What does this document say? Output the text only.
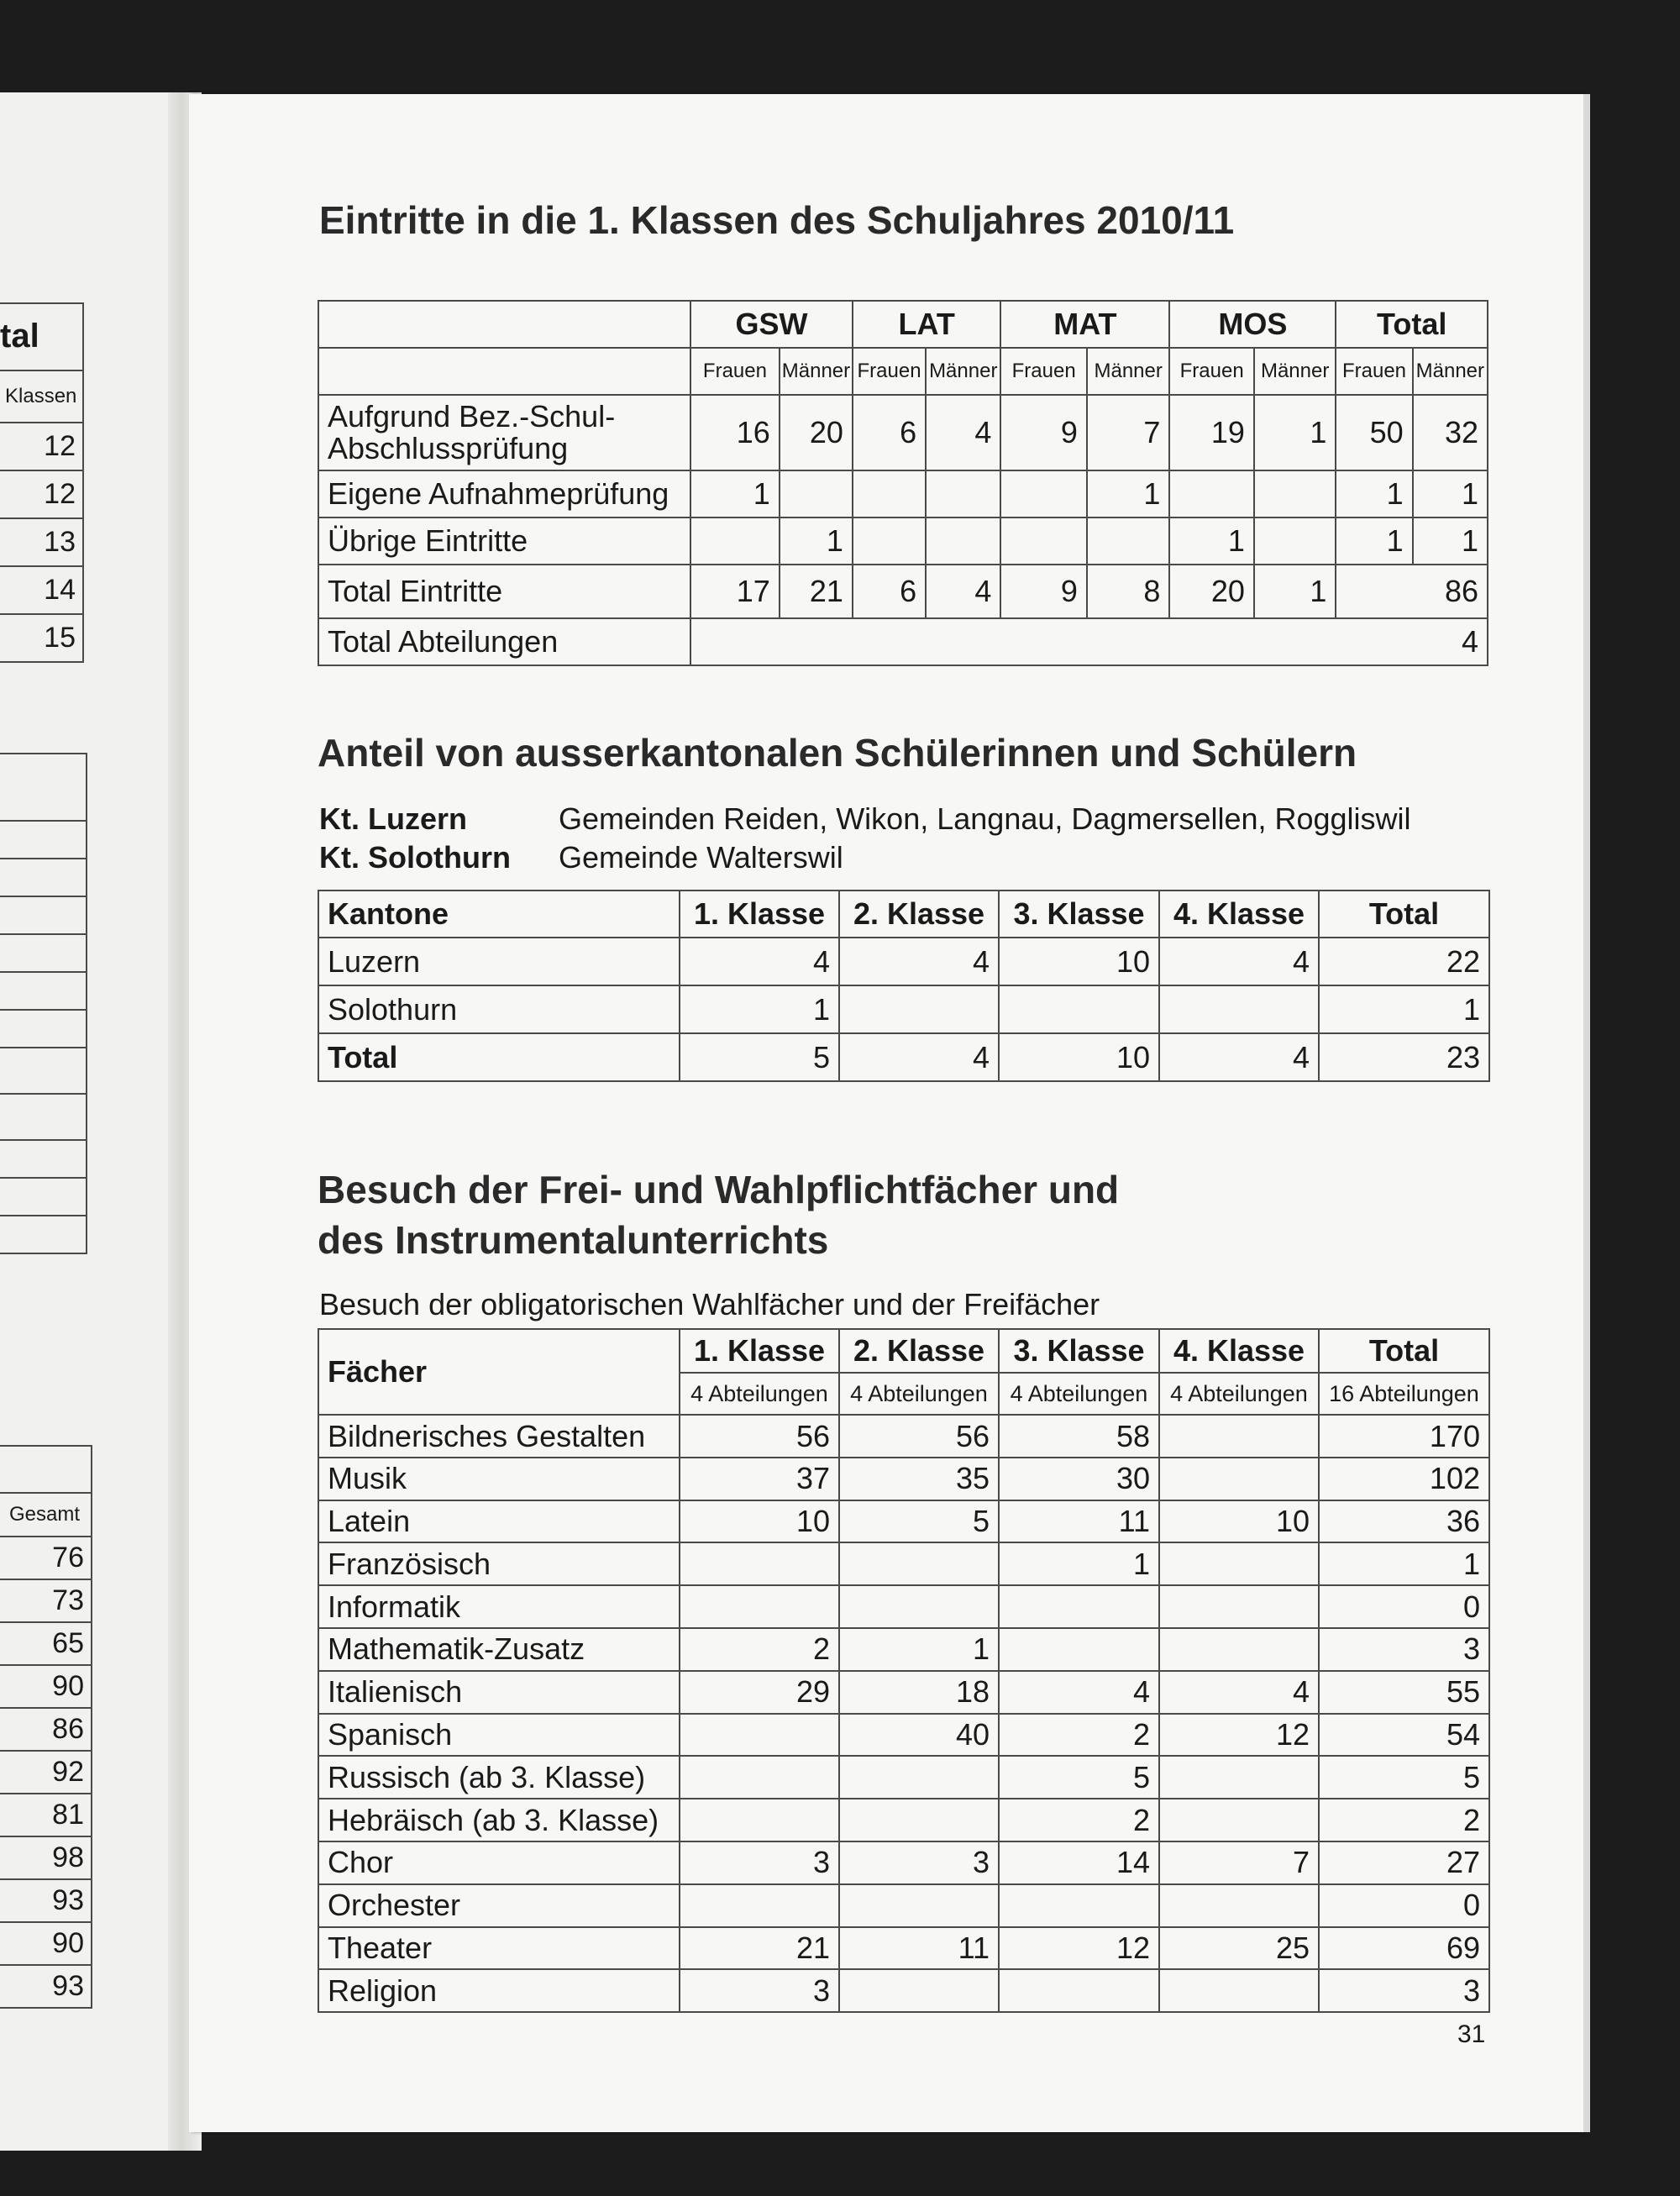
tal

Klassen
12
12
13
14
15

Gesamt
76
73
65
90
86
92
81
98
93
90
93
Eintritte in die 1. Klassen des Schuljahres 2010/11
	GSW		LAT		MAT		MOS		Total	
	Frauen	Männer	Frauen	Männer	Frauen	Männer	Frauen	Männer	Frauen	Männer
Aufgrund Bez.-Schul-Abschlussprüfung	16	20	6	4	9	7	19	1	50	32
Eigene Aufnahmeprüfung	1					1			1	1
Übrige Eintritte		1					1		1	1
Total Eintritte	17	21	6	4	9	8	20	1	86	
Total Abteilungen	4									
Anteil von ausserkantonalen Schülerinnen und Schülern
Kt. Luzern	Gemeinden Reiden, Wikon, Langnau, Dagmersellen, Roggliswil
Kt. Solothurn Gemeinde Walterswil
Kantone	1. Klasse	2. Klasse	3. Klasse	4. Klasse	Total
Luzern	4	4	10	4	22
Solothurn	1				1
Total	5	4	10	4	23
Besuch der Frei- und Wahlpflichtfächer und
des Instrumentalunterrichts
Besuch der obligatorischen Wahlfächer und der Freifächer
Fächer	1. Klasse	2. Klasse	3. Klasse	4. Klasse	Total
	4 Abteilungen	4 Abteilungen	4 Abteilungen	4 Abteilungen	16 Abteilungen
Bildnerisches Gestalten	56	56	58		170
Musik	37	35	30		102
Latein	10	5	11	10	36
Französisch			1		1
Informatik					0
Mathematik-Zusatz	2	1			3
Italienisch	29	18	4	4	55
Spanisch		40	2	12	54
Russisch (ab 3. Klasse)			5		5
Hebräisch (ab 3. Klasse)			2		2
Chor	3	3	14	7	27
Orchester					0
Theater	21	11	12	25	69
Religion	3				3
31
